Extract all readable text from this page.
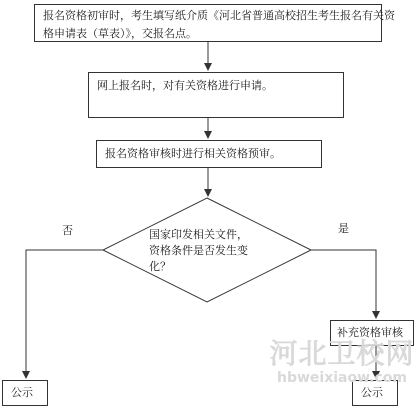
报名资格初审时，考生填写纸介质《河北省普通高校招生考生报名有关资
格申请表（草表）》，交报名点。
网上报名时，对有关资格进行申请。
报名资格审核时进行相关资格预审。
国家印发相关文件，
资格条件是否发生变
化？
否	是
补充资格审核
公示	公示
河北卫校网
hbweixiaow.com
